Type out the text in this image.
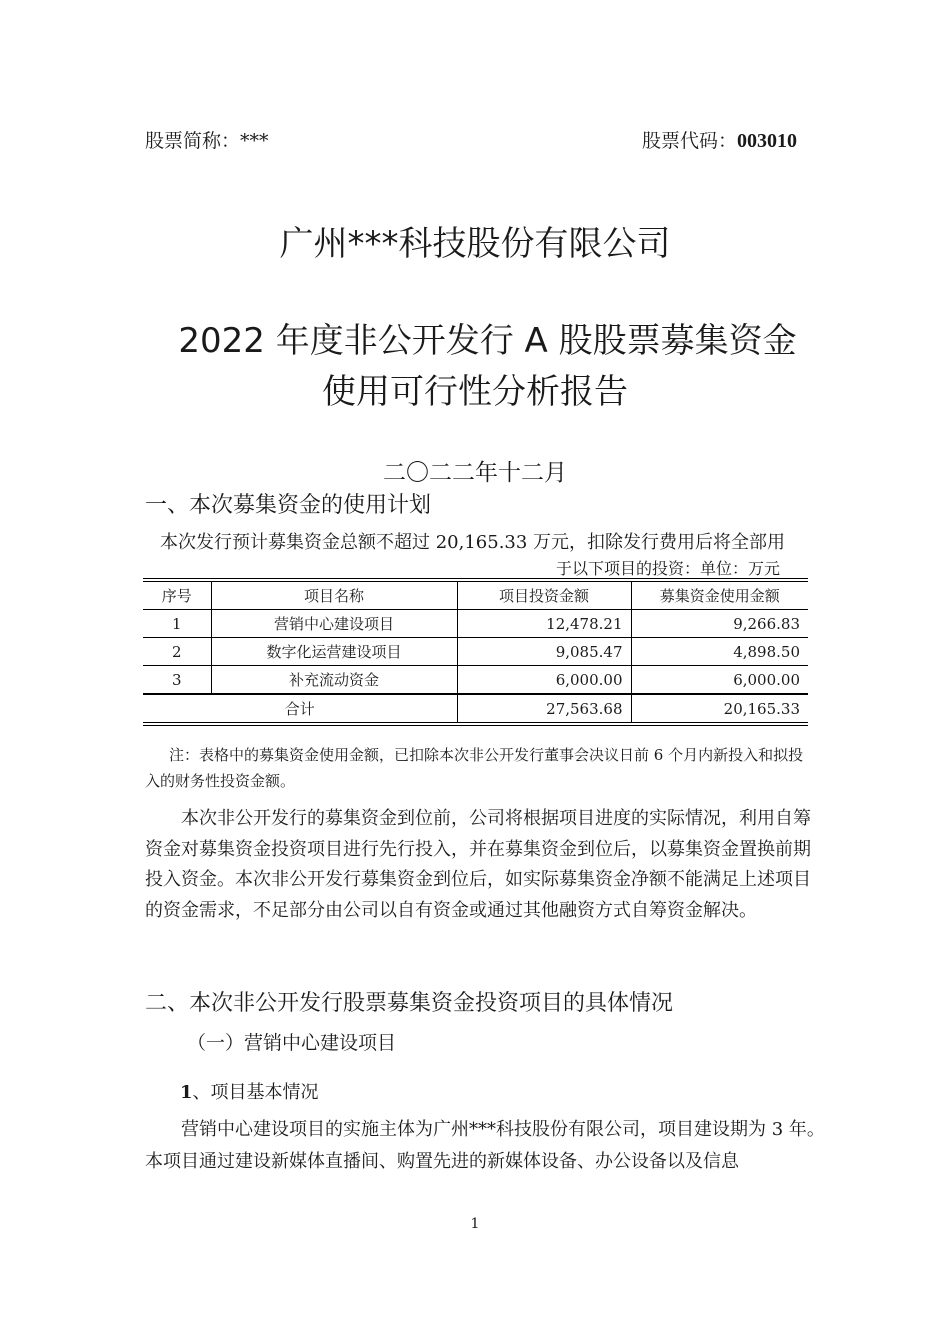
股票简称：***	股票代码：003010
广州***科技股份有限公司
2022 年度非公开发行 A 股股票募集资金
使用可行性分析报告
二〇二二年十二月
一、本次募集资金的使用计划
本次发行预计募集资金总额不超过 20,165.33 万元，扣除发行费用后将全部用
于以下项目的投资：单位：万元
序号	项目名称	项目投资金额	募集资金使用金额
1	营销中心建设项目	12,478.21	9,266.83
2	数字化运营建设项目	9,085.47	4,898.50
3	补充流动资金	6,000.00	6,000.00
合计		27,563.68	20,165.33
注：表格中的募集资金使用金额，已扣除本次非公开发行董事会决议日前 6 个月内新投入和拟投入的财务性投资金额。
本次非公开发行的募集资金到位前，公司将根据项目进度的实际情况，利用自筹资金对募集资金投资项目进行先行投入，并在募集资金到位后，以募集资金置换前期投入资金。本次非公开发行募集资金到位后，如实际募集资金净额不能满足上述项目的资金需求，不足部分由公司以自有资金或通过其他融资方式自筹资金解决。
二、本次非公开发行股票募集资金投资项目的具体情况
（一）营销中心建设项目
1、项目基本情况
营销中心建设项目的实施主体为广州***科技股份有限公司，项目建设期为 3 年。本项目通过建设新媒体直播间、购置先进的新媒体设备、办公设备以及信息
1
